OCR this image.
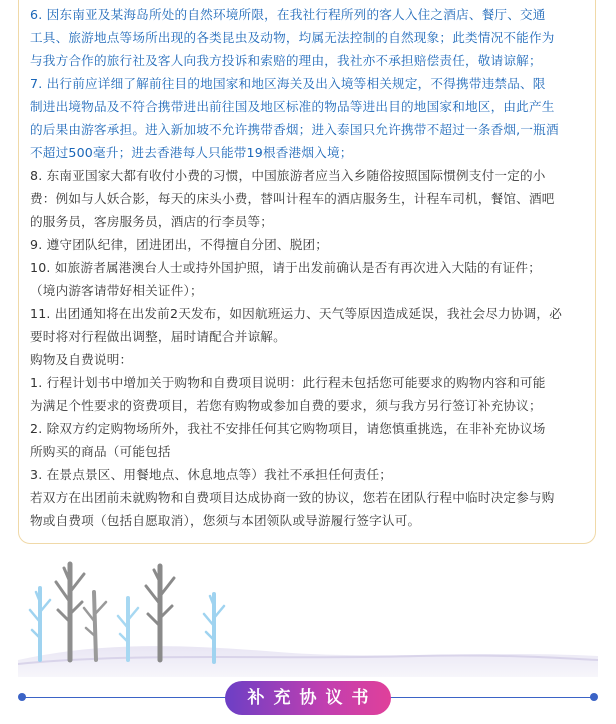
6. 因东南亚及某海岛所处的自然环境所限，在我社行程所列的客人入住之酒店、餐厅、交通

工具、旅游地点等场所出现的各类昆虫及动物，均属无法控制的自然现象；此类情况不能作为

与我方合作的旅行社及客人向我方投诉和索赔的理由，我社亦不承担赔偿责任，敬请谅解；

7. 出行前应详细了解前往目的地国家和地区海关及出入境等相关规定，不得携带违禁品、限

制进出境物品及不符合携带进出前往国及地区标准的物品等进出目的地国家和地区，由此产生

的后果由游客承担。进入新加坡不允许携带香烟；进入泰国只允许携带不超过一条香烟,一瓶酒

不超过500毫升；进去香港每人只能带19根香港烟入境；

8. 东南亚国家大都有收付小费的习惯，中国旅游者应当入乡随俗按照国际惯例支付一定的小

费：例如与人妖合影，每天的床头小费，替叫计程车的酒店服务生，计程车司机，餐馆、酒吧

的服务员，客房服务员，酒店的行李员等；

9. 遵守团队纪律，团进团出，不得擅自分团、脱团；

10. 如旅游者属港澳台人士或持外国护照，请于出发前确认是否有再次进入大陆的有证件；

（境内游客请带好相关证件）；

11. 出团通知将在出发前2天发布，如因航班运力、天气等原因造成延误，我社会尽力协调，必

要时将对行程做出调整，届时请配合并谅解。

购物及自费说明：

1. 行程计划书中增加关于购物和自费项目说明：此行程未包括您可能要求的购物内容和可能

为满足个性要求的资费项目，若您有购物或参加自费的要求，须与我方另行签订补充协议；

2. 除双方约定购物场所外，我社不安排任何其它购物项目，请您慎重挑选，在非补充协议场

所购买的商品（可能包括

3. 在景点景区、用餐地点、休息地点等）我社不承担任何责任；

若双方在出团前未就购物和自费项目达成协商一致的协议，您若在团队行程中临时决定参与购

物或自费项（包括自愿取消），您须与本团领队或导游履行签字认可。

补充协议书
